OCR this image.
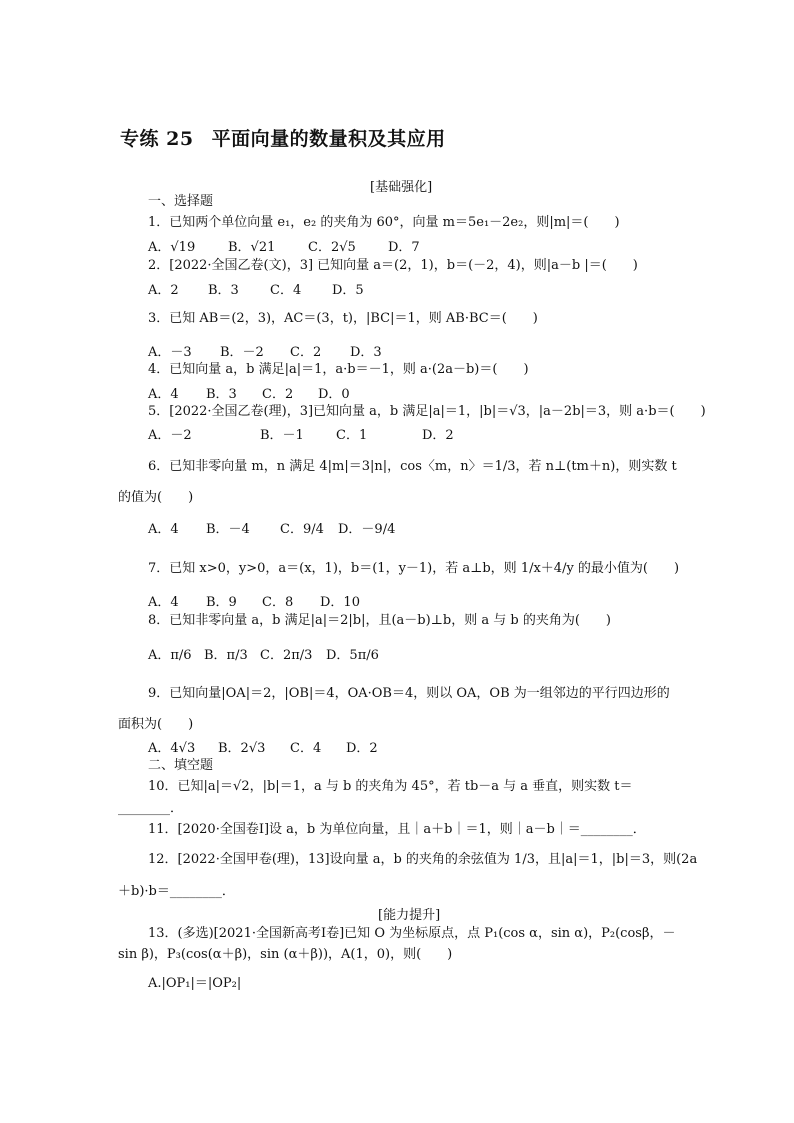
专练 25 平面向量的数量积及其应用
[基础强化]
一、选择题
1．已知两个单位向量 e₁，e₂ 的夹角为 60°，向量 m＝5e₁－2e₂，则|m|＝(　　)
A．√19	B．√21	C．2√5 D．7
2．[2022·全国乙卷(文)，3] 已知向量 a＝(2，1)，b＝(－2，4)，则|a－b |＝(　　)
A．2 B．3 C．4 D．5
3．已知 AB＝(2，3)，AC＝(3，t)，|BC|＝1，则 AB·BC＝(　　)
A．－3 B．－2 C．2 D．3
4．已知向量 a，b 满足|a|＝1，a·b＝－1，则 a·(2a－b)＝(　　)
A．4 B．3 C．2 D．0
5．[2022·全国乙卷(理)，3]已知向量 a，b 满足|a|＝1，|b|＝√3，|a－2b|＝3，则 a·b＝(　　)
A．－2	B．－1 C．1	D．2
6．已知非零向量 m，n 满足 4|m|＝3|n|，cos〈m，n〉＝1/3，若 n⊥(tm＋n)，则实数 t
的值为(　　)
A．4 B．－4 C．9/4 D．－9/4
7．已知 x>0，y>0，a＝(x，1)，b＝(1，y－1)，若 a⊥b，则 1/x＋4/y 的最小值为(　　)
A．4 B．9 C．8 D．10
8．已知非零向量 a，b 满足|a|＝2|b|，且(a－b)⊥b，则 a 与 b 的夹角为(　　)
A．π/6 B．π/3 C．2π/3 D．5π/6
9．已知向量|OA|＝2，|OB|＝4，OA·OB＝4，则以 OA，OB 为一组邻边的平行四边形的
面积为(　　)
A．4√3 B．2√3 C．4 D．2
二、填空题
10．已知|a|＝√2，|b|＝1，a 与 b 的夹角为 45°，若 tb－a 与 a 垂直，则实数 t＝
________．
11．[2020·全国卷Ⅰ]设 a，b 为单位向量，且｜a＋b｜＝1，则｜a－b｜＝________．
12．[2022·全国甲卷(理)，13]设向量 a，b 的夹角的余弦值为 1/3，且|a|＝1，|b|＝3，则(2a
＋b)·b＝________．
[能力提升]
13．(多选)[2021·全国新高考Ⅰ卷]已知 O 为坐标原点，点 P₁(cos α，sin α)，P₂(cosβ，－
sin β)，P₃(cos(α＋β)，sin (α＋β))，A(1，0)，则(　　)
A.|OP₁|＝|OP₂|
